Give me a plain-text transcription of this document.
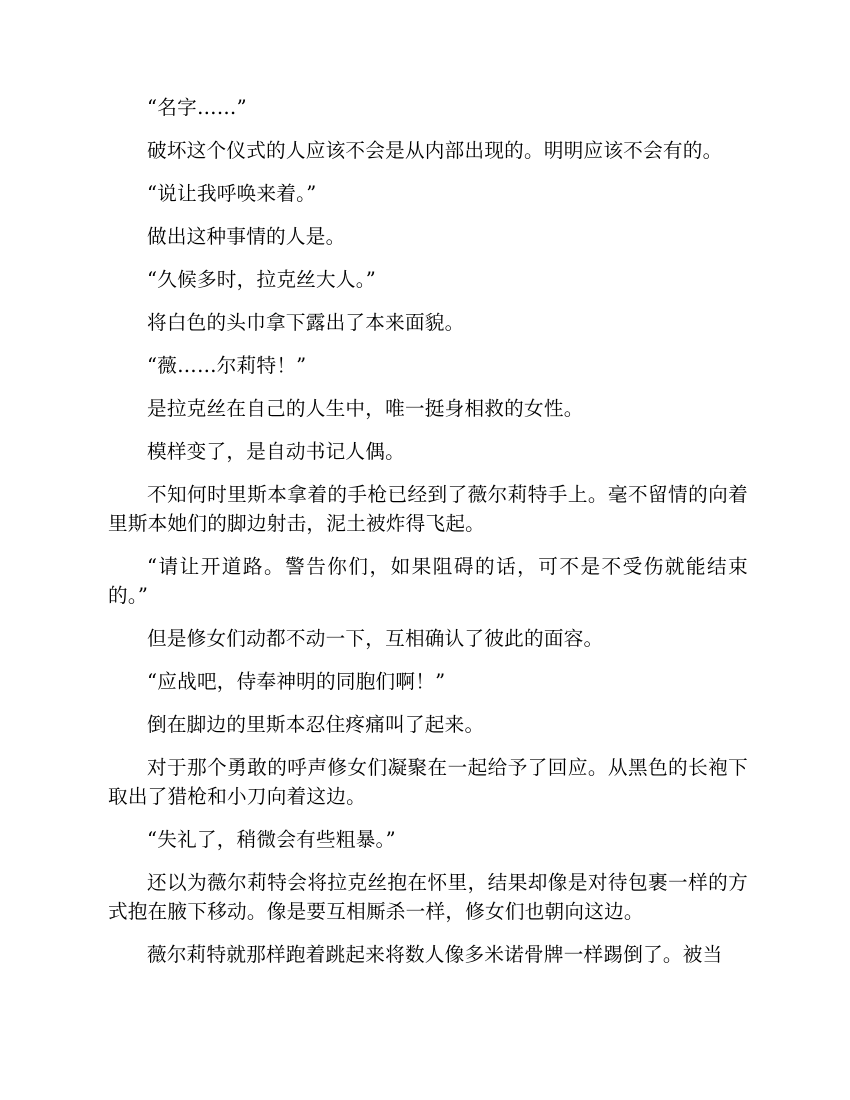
“名字……”

破坏这个仪式的人应该不会是从内部出现的。明明应该不会有的。

“说让我呼唤来着。”

做出这种事情的人是。

“久候多时，拉克丝大人。”

将白色的头巾拿下露出了本来面貌。

“薇……尔莉特！”

是拉克丝在自己的人生中，唯一挺身相救的女性。

模样变了，是自动书记人偶。

不知何时里斯本拿着的手枪已经到了薇尔莉特手上。毫不留情的向着里斯本她们的脚边射击，泥土被炸得飞起。

“请让开道路。警告你们，如果阻碍的话，可不是不受伤就能结束的。”

但是修女们动都不动一下，互相确认了彼此的面容。

“应战吧，侍奉神明的同胞们啊！”

倒在脚边的里斯本忍住疼痛叫了起来。

对于那个勇敢的呼声修女们凝聚在一起给予了回应。从黑色的长袍下取出了猎枪和小刀向着这边。

“失礼了，稍微会有些粗暴。”

还以为薇尔莉特会将拉克丝抱在怀里，结果却像是对待包裹一样的方式抱在腋下移动。像是要互相厮杀一样，修女们也朝向这边。

薇尔莉特就那样跑着跳起来将数人像多米诺骨牌一样踢倒了。被当
